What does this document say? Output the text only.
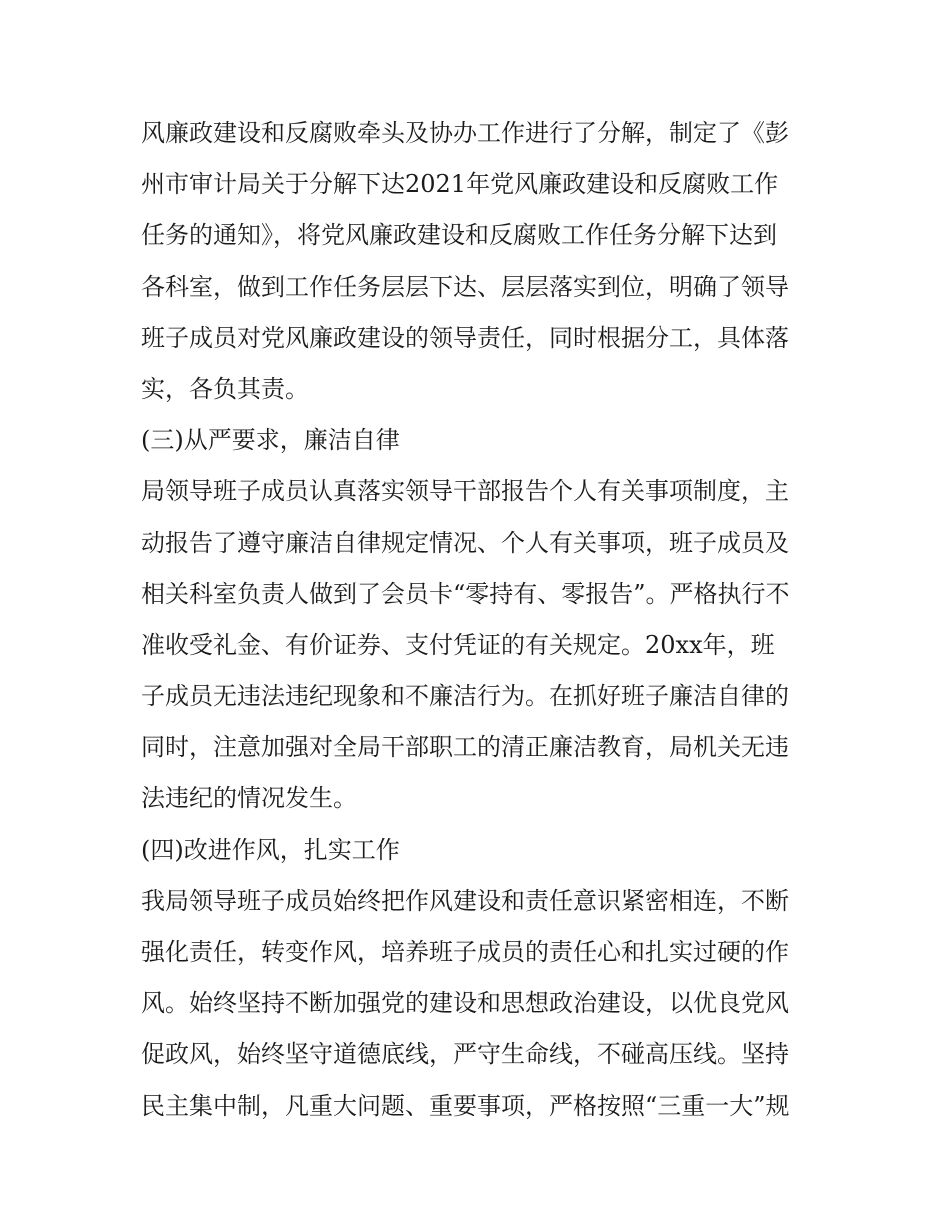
风廉政建设和反腐败牵头及协办工作进行了分解，制定了《彭
州市审计局关于分解下达2021年党风廉政建设和反腐败工作
任务的通知》，将党风廉政建设和反腐败工作任务分解下达到
各科室，做到工作任务层层下达、层层落实到位，明确了领导
班子成员对党风廉政建设的领导责任，同时根据分工，具体落
实，各负其责。
(三)从严要求，廉洁自律
局领导班子成员认真落实领导干部报告个人有关事项制度，主
动报告了遵守廉洁自律规定情况、个人有关事项，班子成员及
相关科室负责人做到了会员卡“零持有、零报告”。严格执行不
准收受礼金、有价证券、支付凭证的有关规定。20xx年，班
子成员无违法违纪现象和不廉洁行为。在抓好班子廉洁自律的
同时，注意加强对全局干部职工的清正廉洁教育，局机关无违
法违纪的情况发生。
(四)改进作风，扎实工作
我局领导班子成员始终把作风建设和责任意识紧密相连，不断
强化责任，转变作风，培养班子成员的责任心和扎实过硬的作
风。始终坚持不断加强党的建设和思想政治建设，以优良党风
促政风，始终坚守道德底线，严守生命线，不碰高压线。坚持
民主集中制，凡重大问题、重要事项，严格按照“三重一大”规
